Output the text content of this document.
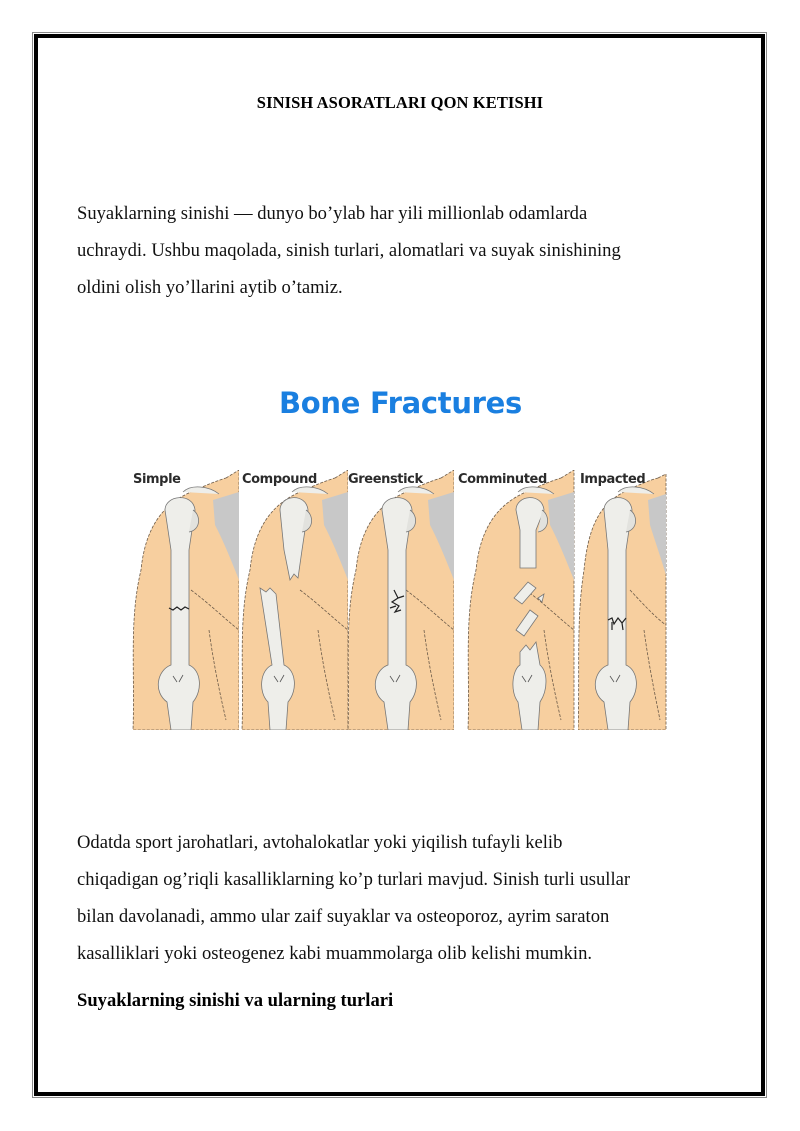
SINISH ASORATLARI QON KETISHI

Suyaklarning sinishi — dunyo bo’ylab har yili millionlab odamlarda
uchraydi. Ushbu maqolada, sinish turlari, alomatlari va suyak sinishining
oldini olish yo’llarini aytib o’tamiz.

Bone Fractures
Simple	Compound Greenstick	Comminuted	Impacted

Odatda sport jarohatlari, avtohalokatlar yoki yiqilish tufayli kelib
chiqadigan og’riqli kasalliklarning ko’p turlari mavjud. Sinish turli usullar
bilan davolanadi, ammo ular zaif suyaklar va osteoporoz, ayrim saraton
kasalliklari yoki osteogenez kabi muammolarga olib kelishi mumkin.

Suyaklarning sinishi va ularning turlari
